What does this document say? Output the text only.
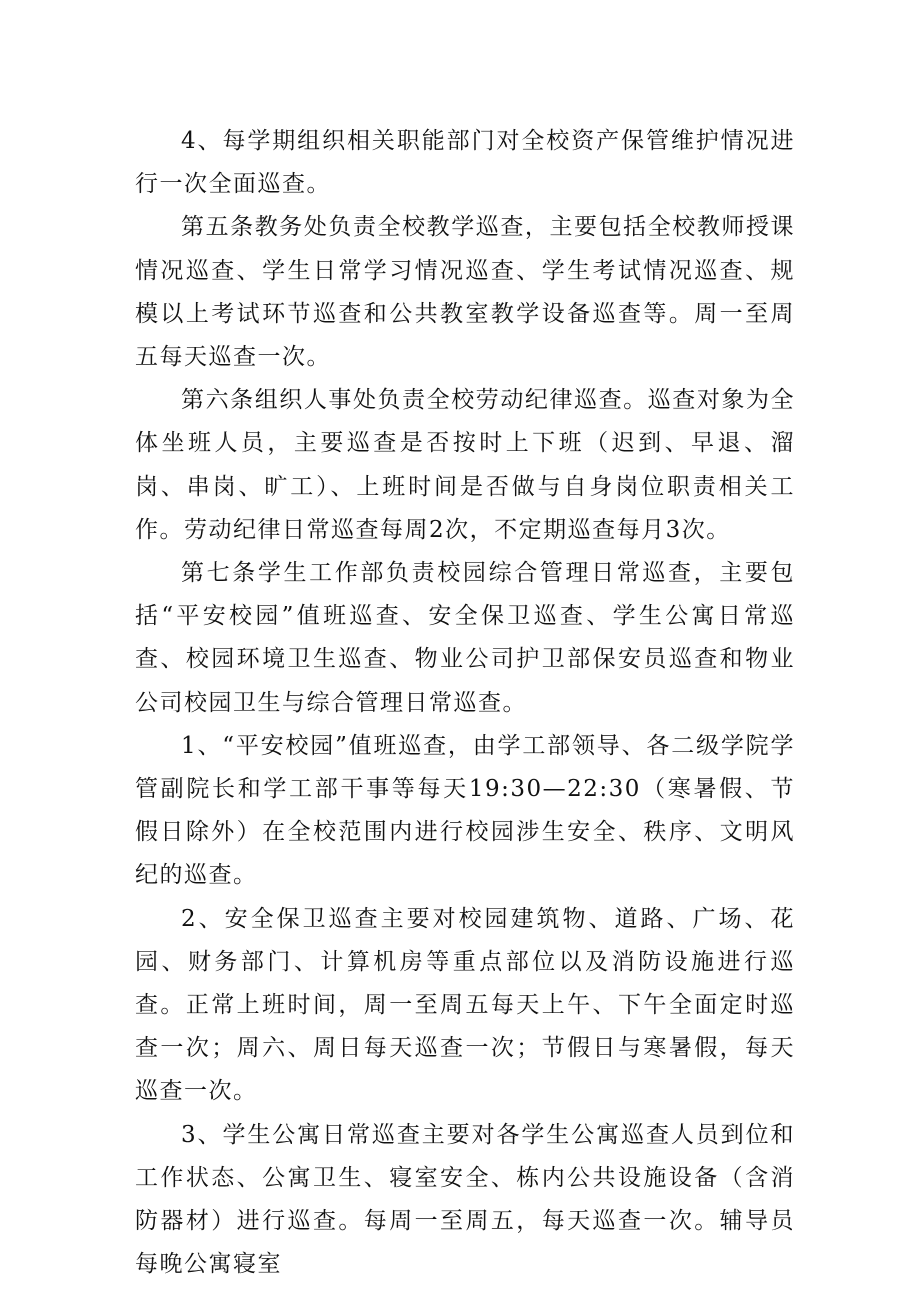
4、每学期组织相关职能部门对全校资产保管维护情况进行一次全面巡查。

第五条教务处负责全校教学巡查，主要包括全校教师授课情况巡查、学生日常学习情况巡查、学生考试情况巡查、规模以上考试环节巡查和公共教室教学设备巡查等。周一至周五每天巡查一次。

第六条组织人事处负责全校劳动纪律巡查。巡查对象为全体坐班人员，主要巡查是否按时上下班（迟到、早退、溜岗、串岗、旷工）、上班时间是否做与自身岗位职责相关工作。劳动纪律日常巡查每周2次，不定期巡查每月3次。

第七条学生工作部负责校园综合管理日常巡查，主要包括“平安校园”值班巡查、安全保卫巡查、学生公寓日常巡查、校园环境卫生巡查、物业公司护卫部保安员巡查和物业公司校园卫生与综合管理日常巡查。

1、“平安校园”值班巡查，由学工部领导、各二级学院学管副院长和学工部干事等每天19:30—22:30（寒暑假、节假日除外）在全校范围内进行校园涉生安全、秩序、文明风纪的巡查。

2、安全保卫巡查主要对校园建筑物、道路、广场、花园、财务部门、计算机房等重点部位以及消防设施进行巡查。正常上班时间，周一至周五每天上午、下午全面定时巡查一次；周六、周日每天巡查一次；节假日与寒暑假，每天巡查一次。

3、学生公寓日常巡查主要对各学生公寓巡查人员到位和工作状态、公寓卫生、寝室安全、栋内公共设施设备（含消防器材）进行巡查。每周一至周五，每天巡查一次。辅导员每晚公寓寝室
